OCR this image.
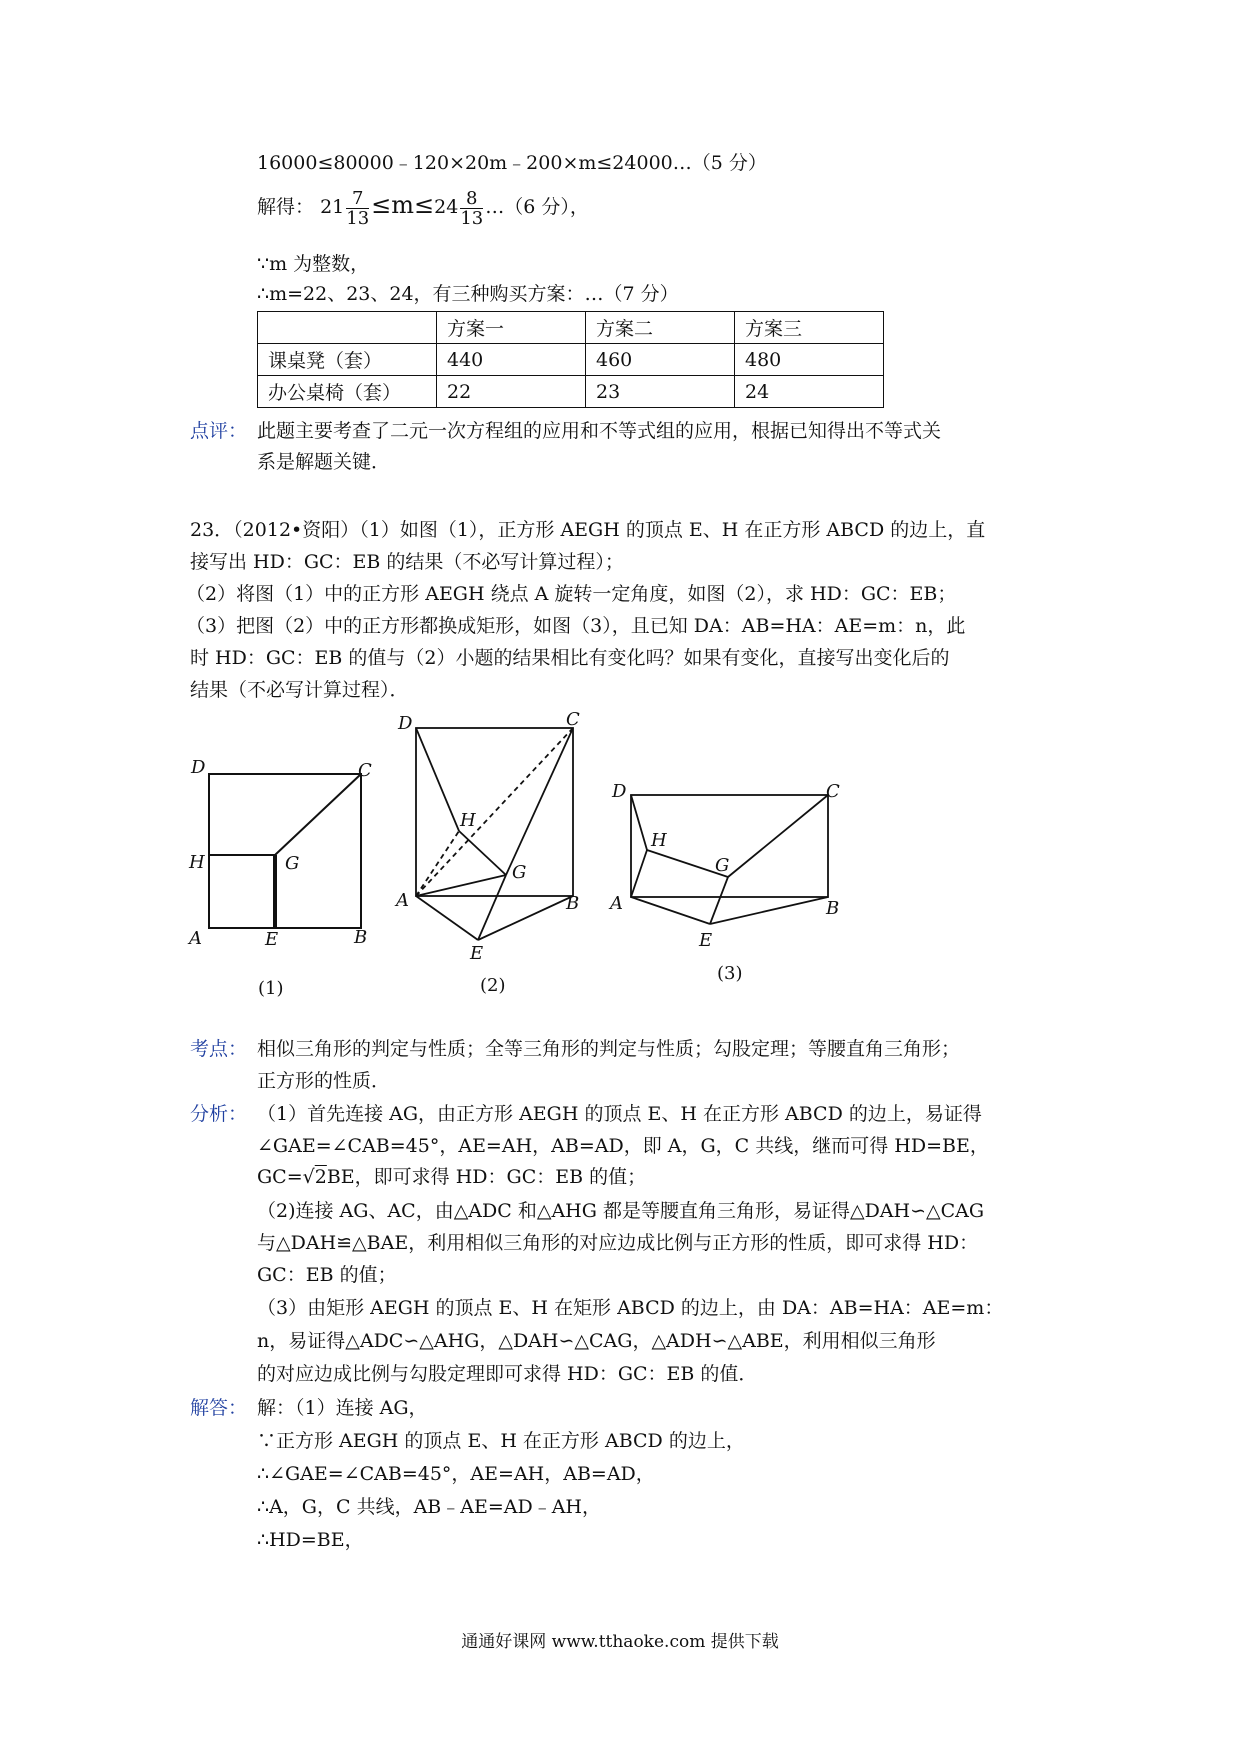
16000≤80000﹣120×20m﹣200×m≤24000…（5 分）
解得： $21 \frac{7}{13} \le m\le 24 \frac{8}{13}$ …（6 分），
∵m 为整数，
∴m=22、23、24，有三种购买方案：…（7 分）
	方案一	方案二	方案三
课桌凳（套）	440	460	480
办公桌椅（套）	22	23	24
点评： 此题主要考查了二元一次方程组的应用和不等式组的应用，根据已知得出不等式关
系是解题关键．
23．（2012•资阳）（1）如图（1），正方形 AEGH 的顶点 E、H 在正方形 ABCD 的边上，直
接写出 HD：GC：EB 的结果（不必写计算过程）；
（2）将图（1）中的正方形 AEGH 绕点 A 旋转一定角度，如图（2），求 HD：GC：EB；
（3）把图（2）中的正方形都换成矩形，如图（3），且已知 DA：AB=HA：AE=m：n，此
时 HD：GC：EB 的值与（2）小题的结果相比有变化吗？如果有变化，直接写出变化后的
结果（不必写计算过程）．
D	C
H	G
A	E	B
(1)
D	C
H
G
A	B
E
(2)
D	C
H
G
A	B
E
(3)
考点： 相似三角形的判定与性质；全等三角形的判定与性质；勾股定理；等腰直角三角形；
正方形的性质．
分析： （1）首先连接 AG，由正方形 AEGH 的顶点 E、H 在正方形 ABCD 的边上，易证得
∠GAE=∠CAB=45°，AE=AH，AB=AD，即 A，G，C 共线，继而可得 HD=BE，
GC=√2BE，即可求得 HD：GC：EB 的值；
（2)连接 AG、AC，由△ADC 和△AHG 都是等腰直角三角形，易证得△DAH∽△CAG
与△DAH≌△BAE，利用相似三角形的对应边成比例与正方形的性质，即可求得 HD：
GC：EB 的值；
（3）由矩形 AEGH 的顶点 E、H 在矩形 ABCD 的边上，由 DA：AB=HA：AE=m：
n，易证得△ADC∽△AHG，△DAH∽△CAG，△ADH∽△ABE，利用相似三角形
的对应边成比例与勾股定理即可求得 HD：GC：EB 的值．
解答： 解：（1）连接 AG，
∵正方形 AEGH 的顶点 E、H 在正方形 ABCD 的边上，
∴∠GAE=∠CAB=45°，AE=AH，AB=AD，
∴A，G，C 共线，AB﹣AE=AD﹣AH，
∴HD=BE，
通通好课网 www.tthaoke.com 提供下载
